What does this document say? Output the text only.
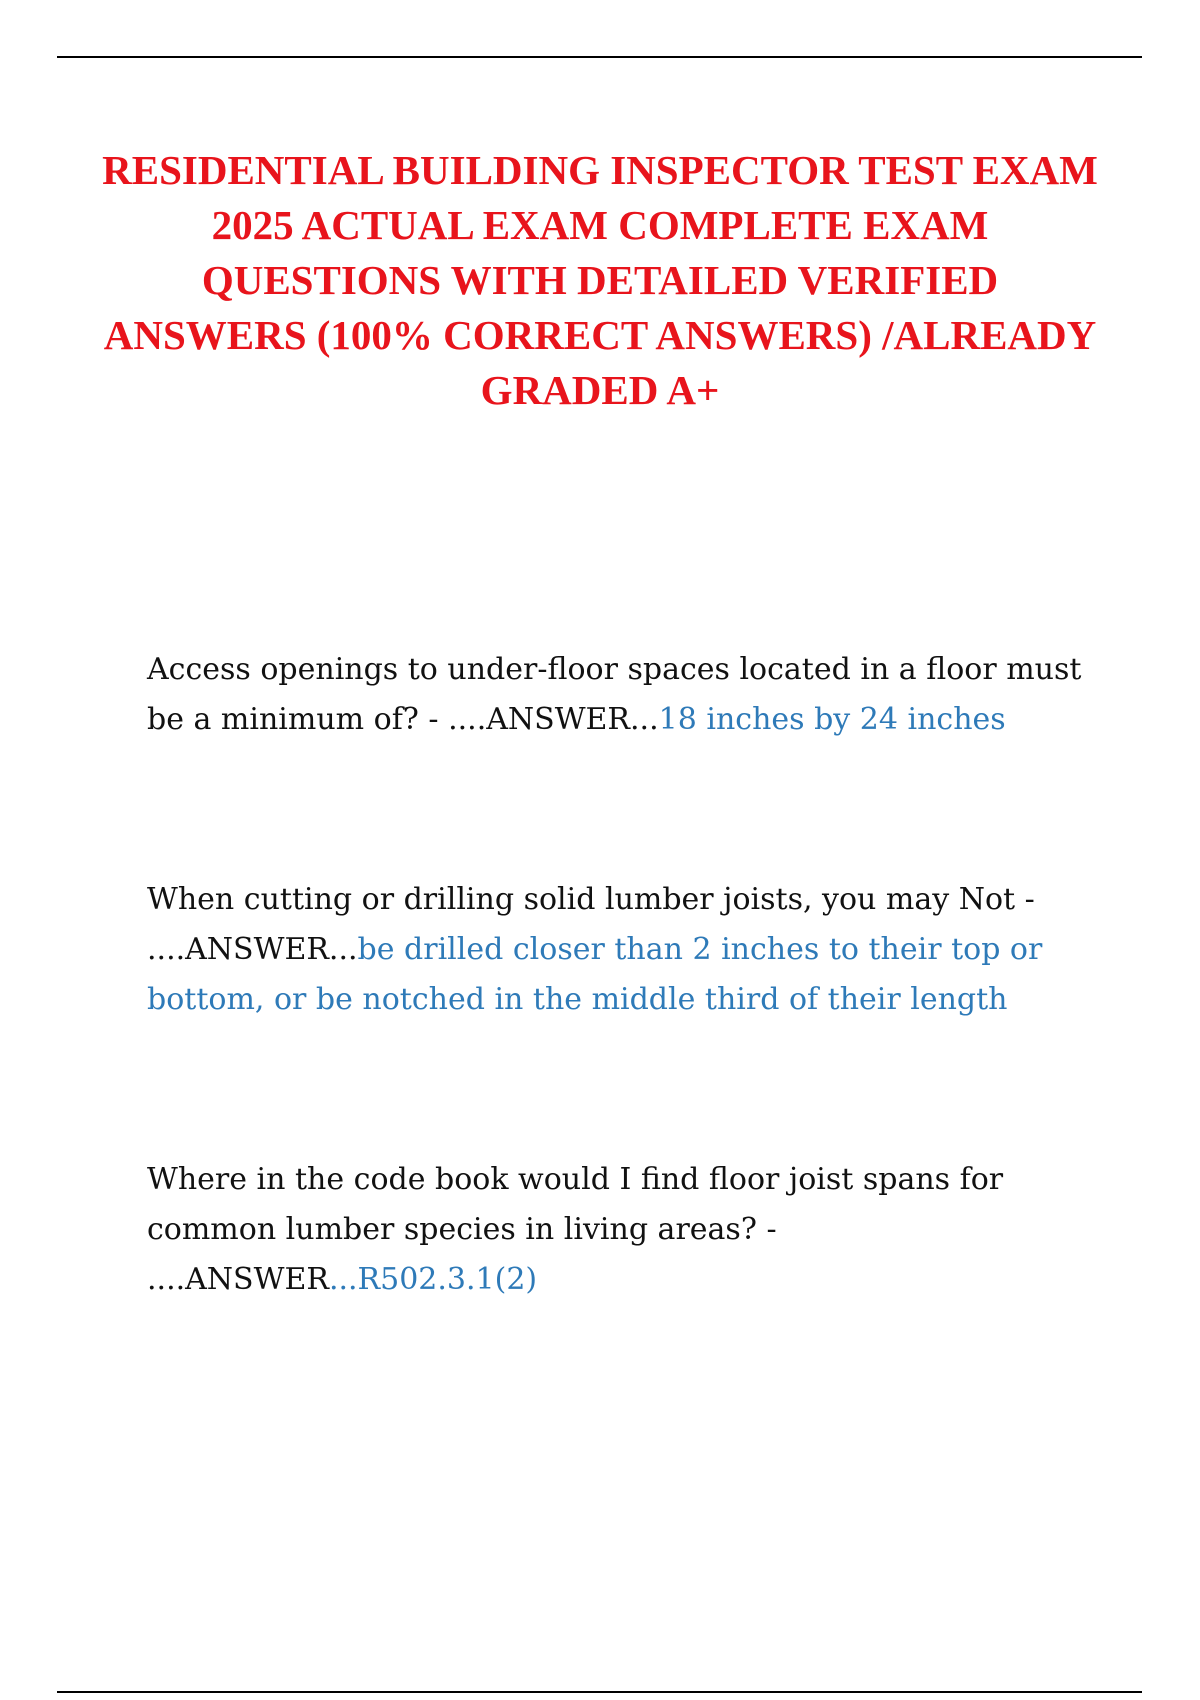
RESIDENTIAL BUILDING INSPECTOR TEST EXAM 2025 ACTUAL EXAM COMPLETE EXAM QUESTIONS WITH DETAILED VERIFIED ANSWERS (100% CORRECT ANSWERS) /ALREADY GRADED A+

Access openings to under-floor spaces located in a floor must be a minimum of? - ....ANSWER...18 inches by 24 inches

When cutting or drilling solid lumber joists, you may Not - ....ANSWER...be drilled closer than 2 inches to their top or bottom, or be notched in the middle third of their length

Where in the code book would I find floor joist spans for common lumber species in living areas? - ....ANSWER...R502.3.1(2)
